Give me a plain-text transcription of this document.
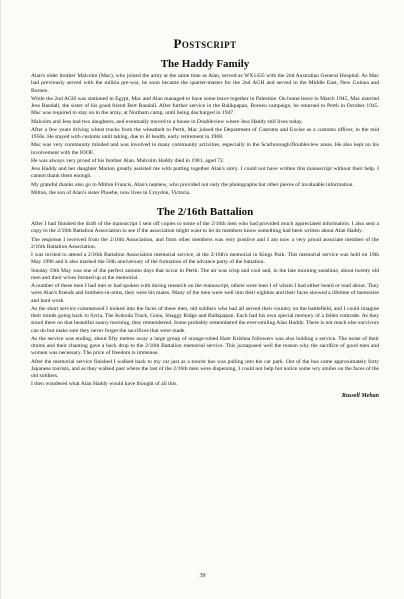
Postscript
The Haddy Family

Alan's older brother Malcolm (Mac), who joined the army at the same time as Alan, served as WX1435 with the 2nd Australian General Hospital. As Mac had previously served with the militia pre-war, he soon became the quarter-master for the 2nd AGH and served in the Middle East, New Guinea and Borneo.

While the 2nd AGH was stationed in Egypt, Mac and Alan managed to have some leave together in Palestine. On home leave in March 1945, Mac married Jess Randall, the sister of his good friend Bert Randall. After further service in the Balikpapan, Borneo campaign, he returned to Perth in October 1945. Mac was required to stay on in the army, at Northam camp, until being discharged in 1947.

Malcolm and Jess had two daughters, and eventually moved to a house in Doubleview where Jess Haddy still lives today.

After a few years driving wheat trucks from the wheatbelt to Perth, Mac joined the Department of Customs and Excise as a customs officer, in the mid 1950s. He stayed with customs until taking, due to ill health, early retirement in 1968.

Mac was very community minded and was involved in many community activities, especially in the Scarborough/Doubleview areas. He also kept on his involvement with the IOOF.

He was always very proud of his brother Alan. Malcolm Haddy died in 1981, aged 72.

Jess Haddy and her daughter Marion greatly assisted me with putting together Alan's story. I could not have written this manuscript without their help. I cannot thank them enough.

My grateful thanks also go to Milton Francis, Alan's nephew, who provided not only the photographs but other pieces of invaluable information.

Milton, the son of Alan's sister Phoebe, now lives in Croydon, Victoria.

The 2/16th Battalion

After I had finished the draft of the manuscript I sent off copies to some of the 2/16th men who had provided much appreciated information. I also sent a copy to the 2/16th Battalion Association to see if the association might want to let its members know something had been written about Alan Haddy.

The response I received from the 2/16th Association, and from other members was very positive and I am now a very proud associate member of the 2/16th Battalion Association.

I was invited to attend a 2/16th Battalion Association memorial service, at the 2/16th's memorial in Kings Park. This memorial service was held on 19th May 1996 and it also marked the 56th anniversary of the formation of the advance party of the battalion.

Sunday 19th May was one of the perfect autumn days that occur in Perth. The air was crisp and cool and, in the late morning sunshine, about twenty old men and their wives formed up at the memorial.

A number of these men I had met or had spoken with during research on the manuscript, others were men I of whom I had either heard or read about. They were Alan's friends and brothers-in-arms, they were his mates. Many of the men were well into their eighties and their faces showed a lifetime of memories and hard work.

As the short service commenced I looked into the faces of these men, old soldiers who had all served their country on the battlefield, and I could imagine their minds going back to Syria, The Kokoda Track, Gona, Shaggy Ridge and Balikpapan. Each had his own special memory of a fallen comrade. As they stood there on that beautiful sunny morning, they remembered. Some probably remembered the ever-smiling Alan Haddy. There is not much else survivors can do but make sure they never forget the sacrifices that were made.

As the service was ending, about fifty metres away a large group of orange-robed Hare Krishna followers was also holding a service. The noise of their drums and their chanting gave a back drop to the 2/16th Battalion memorial service. This juxtaposed well the reason why the sacrifice of good men and women was necessary. The price of freedom is immense.

After the memorial service finished I walked back to my car just as a tourist bus was pulling into the car park. Out of the bus came approximately forty Japanese tourists, and as they walked past where the last of the 2/16th men were dispersing, I could not help but notice some wry smiles on the faces of the old soldiers.

I then wondered what Alan Haddy would have thought of all this.

Russell Mehan
39
